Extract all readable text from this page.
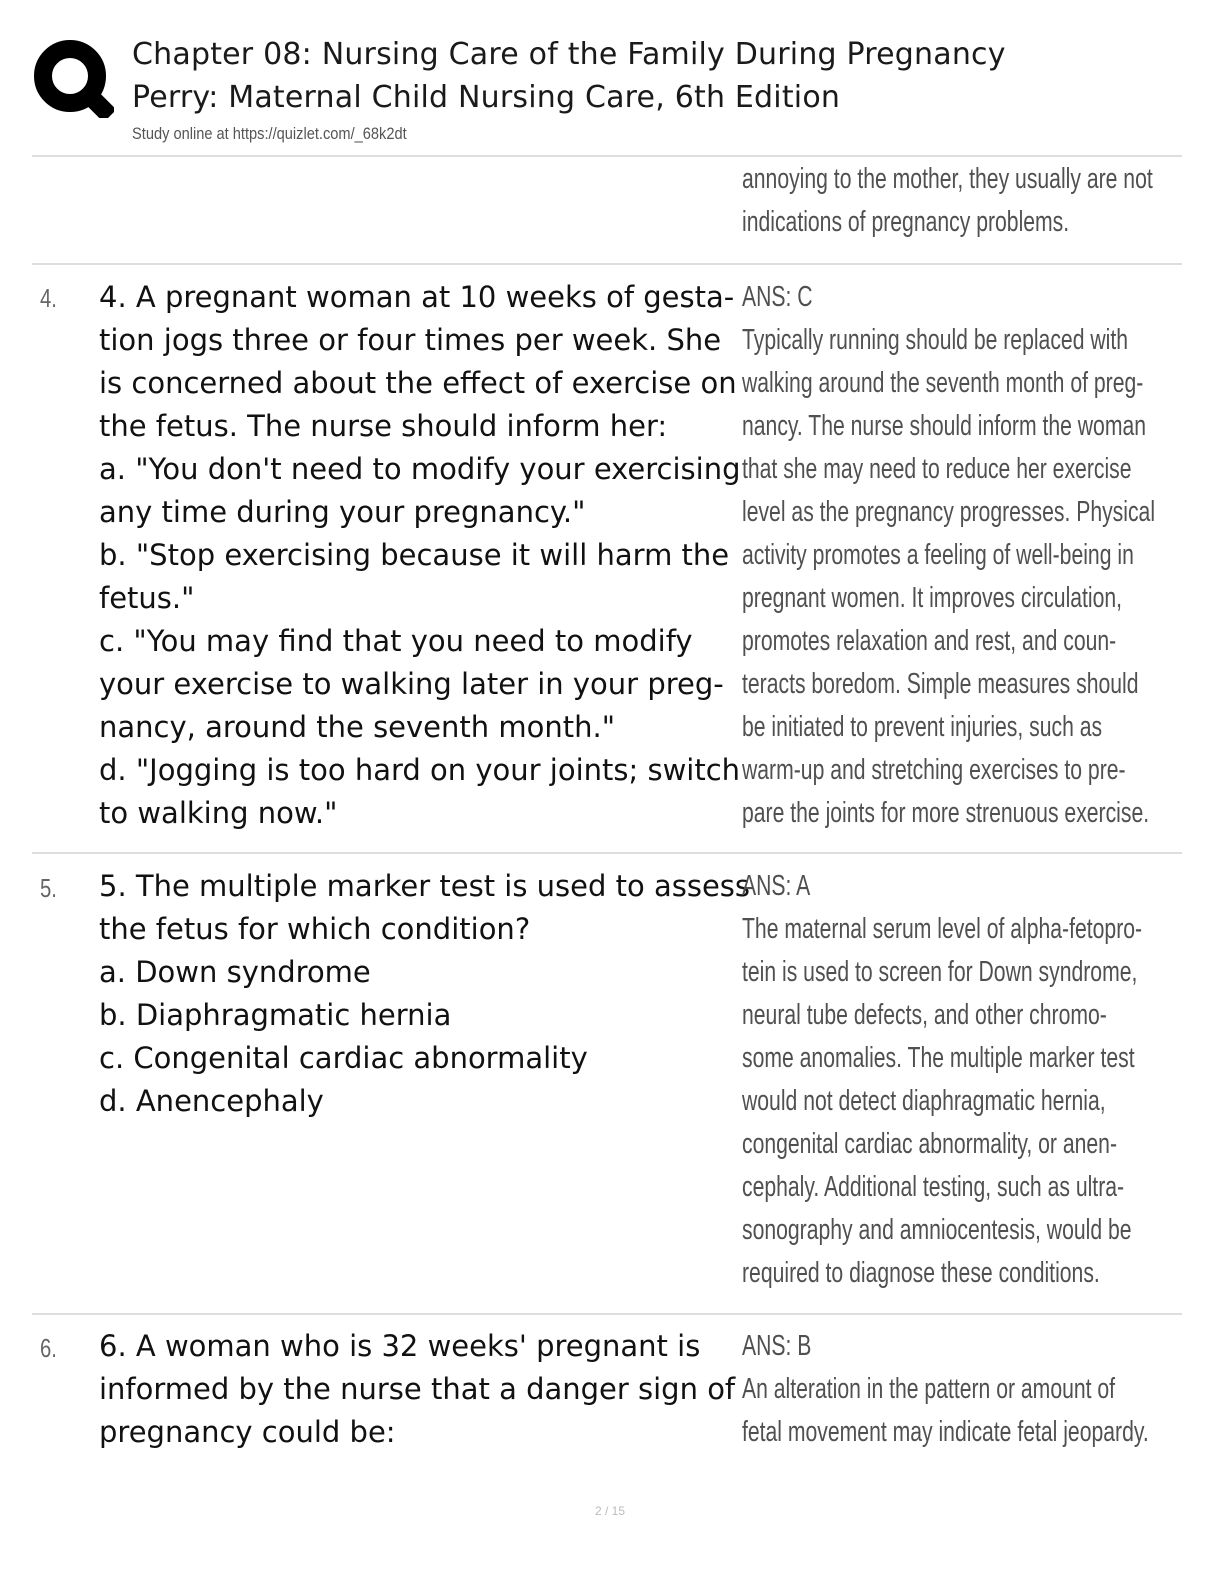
Chapter 08: Nursing Care of the Family During Pregnancy
Perry: Maternal Child Nursing Care, 6th Edition
Study online at https://quizlet.com/_68k2dt
annoying to the mother, they usually are not
indications of pregnancy problems.
4. 4. A pregnant woman at 10 weeks of gesta-
tion jogs three or four times per week. She
is concerned about the effect of exercise on
the fetus. The nurse should inform her:
a. "You don't need to modify your exercising
any time during your pregnancy."
b. "Stop exercising because it will harm the
fetus."
c. "You may find that you need to modify
your exercise to walking later in your preg-
nancy, around the seventh month."
d. "Jogging is too hard on your joints; switch
to walking now."
ANS: C
Typically running should be replaced with
walking around the seventh month of preg-
nancy. The nurse should inform the woman
that she may need to reduce her exercise
level as the pregnancy progresses. Physical
activity promotes a feeling of well-being in
pregnant women. It improves circulation,
promotes relaxation and rest, and coun-
teracts boredom. Simple measures should
be initiated to prevent injuries, such as
warm-up and stretching exercises to pre-
pare the joints for more strenuous exercise.
5. 5. The multiple marker test is used to assess
the fetus for which condition?
a. Down syndrome
b. Diaphragmatic hernia
c. Congenital cardiac abnormality
d. Anencephaly
ANS: A
The maternal serum level of alpha-fetopro-
tein is used to screen for Down syndrome,
neural tube defects, and other chromo-
some anomalies. The multiple marker test
would not detect diaphragmatic hernia,
congenital cardiac abnormality, or anen-
cephaly. Additional testing, such as ultra-
sonography and amniocentesis, would be
required to diagnose these conditions.
6. 6. A woman who is 32 weeks' pregnant is
informed by the nurse that a danger sign of
pregnancy could be:
ANS: B
An alteration in the pattern or amount of
fetal movement may indicate fetal jeopardy.
2 / 15
